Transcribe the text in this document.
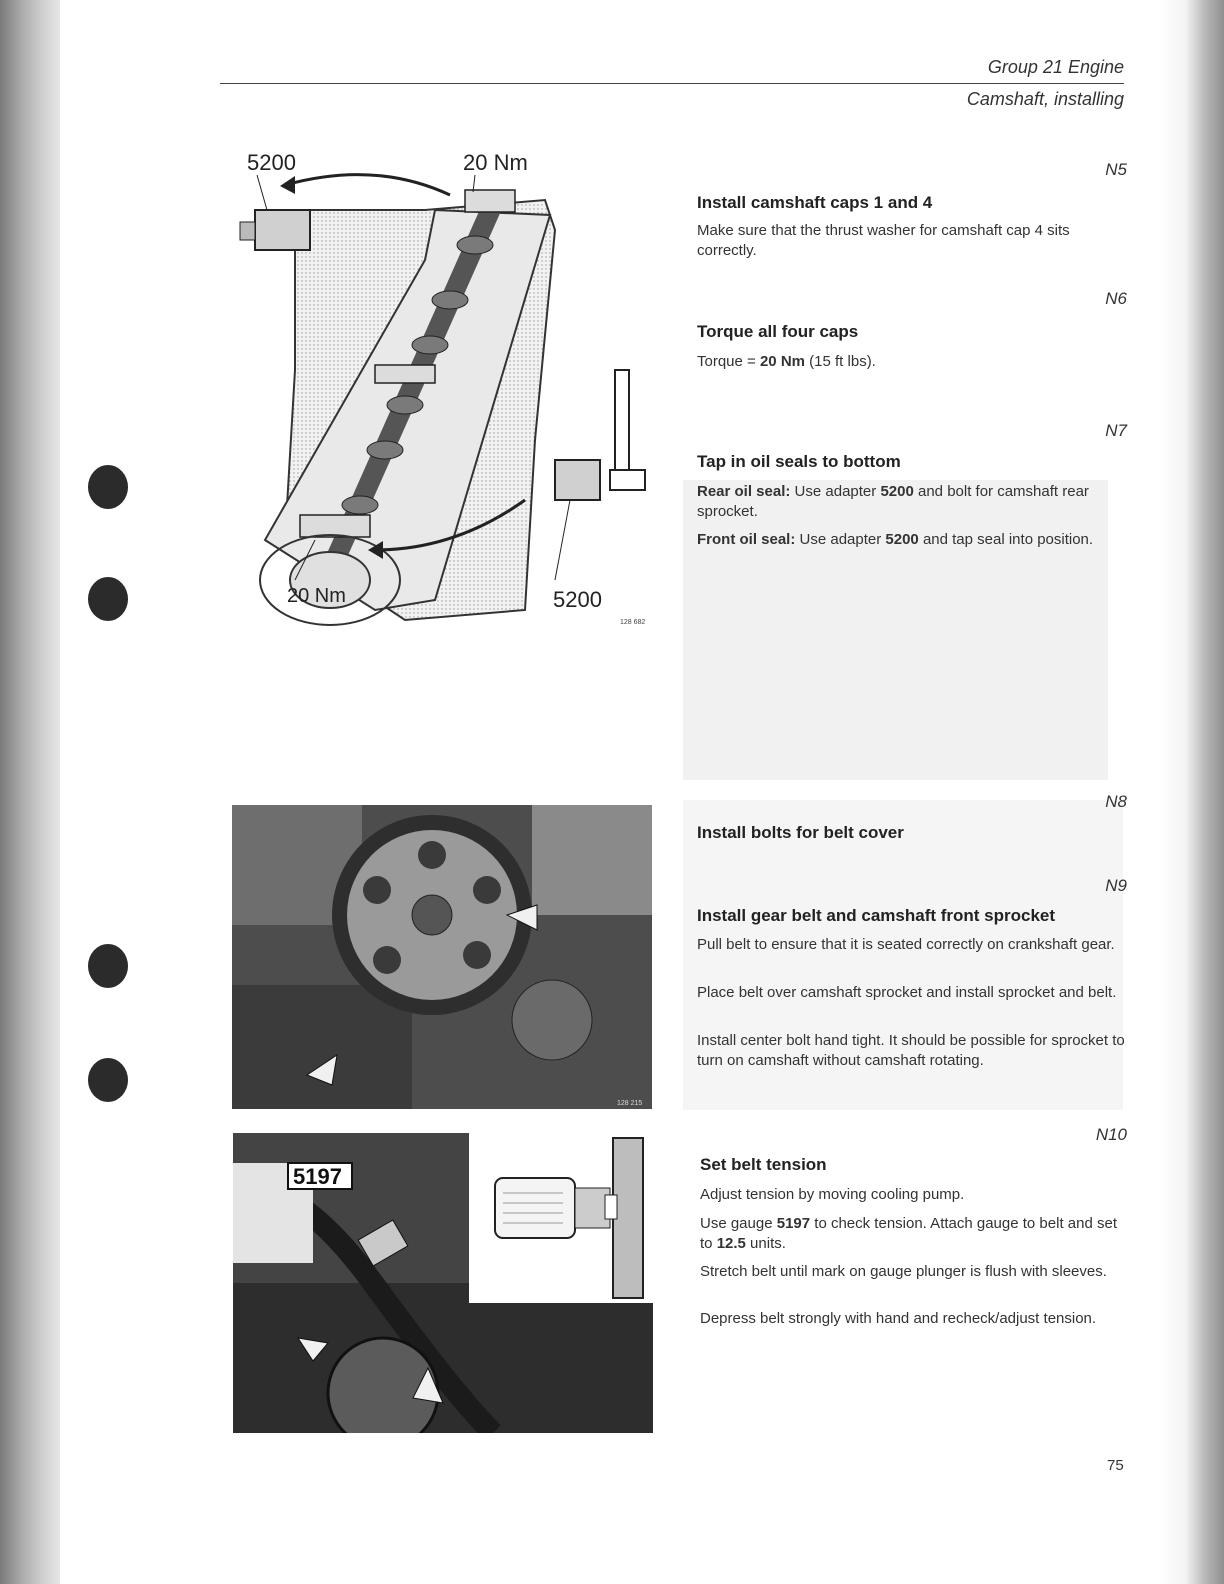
Group 21 Engine
Camshaft, installing
5200	20 Nm
20 Nm	5200
128 682
128 215
5197
N5
Install camshaft caps 1 and 4
Make sure that the thrust washer for camshaft cap 4 sits correctly.
N6
Torque all four caps
Torque = 20 Nm (15 ft lbs).
N7
Tap in oil seals to bottom
Rear oil seal: Use adapter 5200 and bolt for camshaft rear sprocket.
Front oil seal: Use adapter 5200 and tap seal into position.
N8
Install bolts for belt cover
N9
Install gear belt and camshaft front sprocket
Pull belt to ensure that it is seated correctly on crankshaft gear.
Place belt over camshaft sprocket and install sprocket and belt.
Install center bolt hand tight. It should be possible for sprocket to turn on camshaft without camshaft rotating.
N10
Set belt tension
Adjust tension by moving cooling pump.
Use gauge 5197 to check tension. Attach gauge to belt and set to 12.5 units.
Stretch belt until mark on gauge plunger is flush with sleeves.
Depress belt strongly with hand and recheck/adjust tension.
75
